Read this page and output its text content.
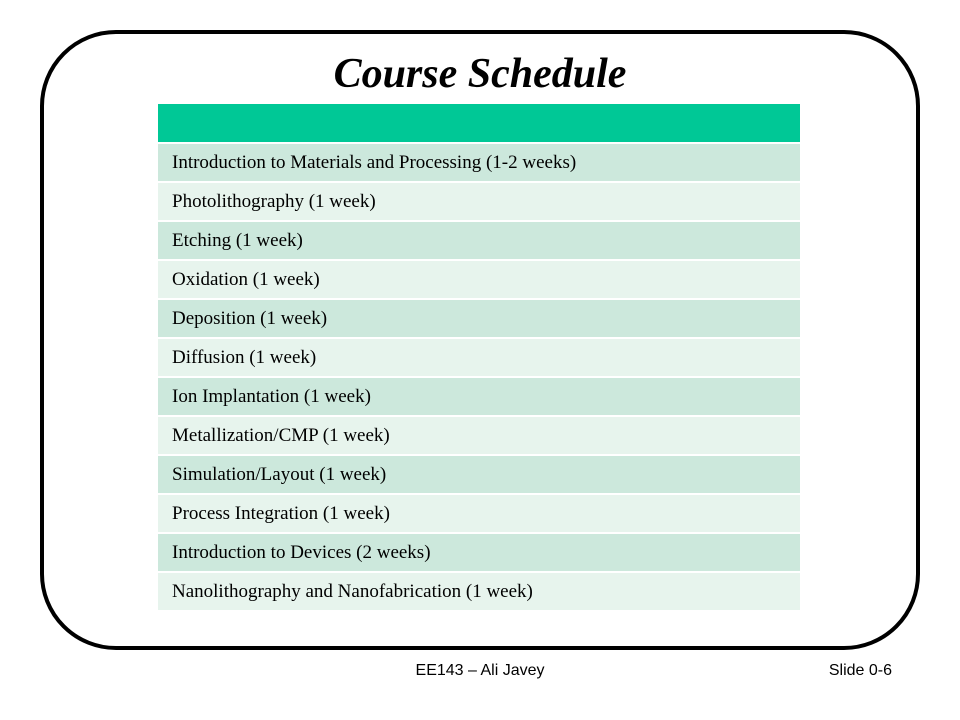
Course Schedule
Introduction to Materials and Processing (1-2 weeks)
Photolithography (1 week)
Etching (1 week)
Oxidation (1 week)
Deposition (1 week)
Diffusion (1 week)
Ion Implantation (1 week)
Metallization/CMP (1 week)
Simulation/Layout (1 week)
Process Integration (1 week)
Introduction to Devices (2 weeks)
Nanolithography and Nanofabrication (1 week)
EE143 – Ali Javey	Slide 0-6
